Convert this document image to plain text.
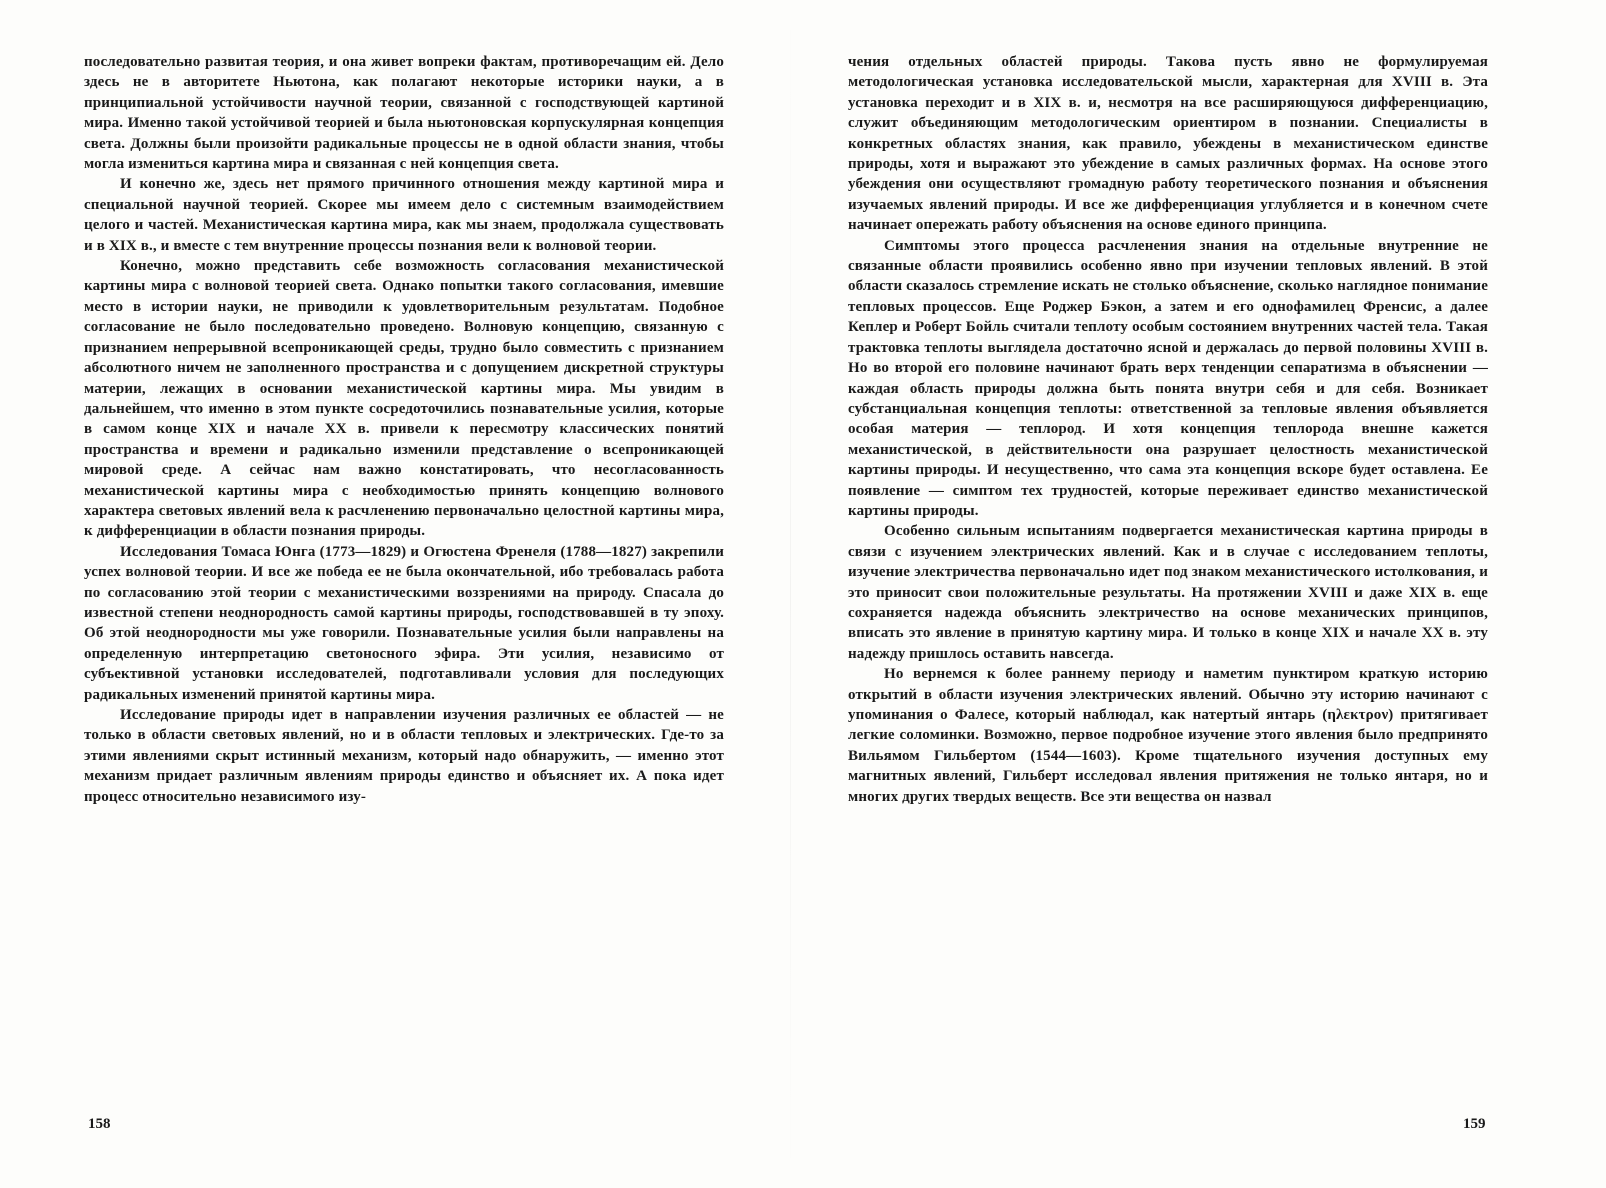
последовательно развитая теория, и она живет вопреки фактам, противоречащим ей. Дело здесь не в авторитете Ньютона, как полагают некоторые историки науки, а в принципиальной устойчивости научной теории, связанной с господствующей картиной мира. Именно такой устойчивой теорией и была ньютоновская корпускулярная концепция света. Должны были произойти радикальные процессы не в одной области знания, чтобы могла измениться картина мира и связанная с ней концепция света.

И конечно же, здесь нет прямого причинного отношения между картиной мира и специальной научной теорией. Скорее мы имеем дело с системным взаимодействием целого и частей. Механистическая картина мира, как мы знаем, продолжала существовать и в XIX в., и вместе с тем внутренние процессы познания вели к волновой теории.

Конечно, можно представить себе возможность согласования механистической картины мира с волновой теорией света. Однако попытки такого согласования, имевшие место в истории науки, не приводили к удовлетворительным результатам. Подобное согласование не было последовательно проведено. Волновую концепцию, связанную с признанием непрерывной всепроникающей среды, трудно было совместить с признанием абсолютного ничем не заполненного пространства и с допущением дискретной структуры материи, лежащих в основании механистической картины мира. Мы увидим в дальнейшем, что именно в этом пункте сосредоточились познавательные усилия, которые в самом конце XIX и начале XX в. привели к пересмотру классических понятий пространства и времени и радикально изменили представление о всепроникающей мировой среде. А сейчас нам важно констатировать, что несогласованность механистической картины мира с необходимостью принять концепцию волнового характера световых явлений вела к расчленению первоначально целостной картины мира, к дифференциации в области познания природы.

Исследования Томаса Юнга (1773—1829) и Огюстена Френеля (1788—1827) закрепили успех волновой теории. И все же победа ее не была окончательной, ибо требовалась работа по согласованию этой теории с механистическими воззрениями на природу. Спасала до известной степени неоднородность самой картины природы, господствовавшей в ту эпоху. Об этой неоднородности мы уже говорили. Познавательные усилия были направлены на определенную интерпретацию светоносного эфира. Эти усилия, независимо от субъективной установки исследователей, подготавливали условия для последующих радикальных изменений принятой картины мира.

Исследование природы идет в направлении изучения различных ее областей — не только в области световых явлений, но и в области тепловых и электрических. Где-то за этими явлениями скрыт истинный механизм, который надо обнаружить, — именно этот механизм придает различным явлениям природы единство и объясняет их. А пока идет процесс относительно независимого изу-

чения отдельных областей природы. Такова пусть явно не формулируемая методологическая установка исследовательской мысли, характерная для XVIII в. Эта установка переходит и в XIX в. и, несмотря на все расширяющуюся дифференциацию, служит объединяющим методологическим ориентиром в познании. Специалисты в конкретных областях знания, как правило, убеждены в механистическом единстве природы, хотя и выражают это убеждение в самых различных формах. На основе этого убеждения они осуществляют громадную работу теоретического познания и объяснения изучаемых явлений природы. И все же дифференциация углубляется и в конечном счете начинает опережать работу объяснения на основе единого принципа.

Симптомы этого процесса расчленения знания на отдельные внутренние не связанные области проявились особенно явно при изучении тепловых явлений. В этой области сказалось стремление искать не столько объяснение, сколько наглядное понимание тепловых процессов. Еще Роджер Бэкон, а затем и его однофамилец Френсис, а далее Кеплер и Роберт Бойль считали теплоту особым состоянием внутренних частей тела. Такая трактовка теплоты выглядела достаточно ясной и держалась до первой половины XVIII в. Но во второй его половине начинают брать верх тенденции сепаратизма в объяснении — каждая область природы должна быть понята внутри себя и для себя. Возникает субстанциальная концепция теплоты: ответственной за тепловые явления объявляется особая материя — теплород. И хотя концепция теплорода внешне кажется механистической, в действительности она разрушает целостность механистической картины природы. И несущественно, что сама эта концепция вскоре будет оставлена. Ее появление — симптом тех трудностей, которые переживает единство механистической картины природы.

Особенно сильным испытаниям подвергается механистическая картина природы в связи с изучением электрических явлений. Как и в случае с исследованием теплоты, изучение электричества первоначально идет под знаком механистического истолкования, и это приносит свои положительные результаты. На протяжении XVIII и даже XIX в. еще сохраняется надежда объяснить электричество на основе механических принципов, вписать это явление в принятую картину мира. И только в конце XIX и начале XX в. эту надежду пришлось оставить навсегда.

Но вернемся к более раннему периоду и наметим пунктиром краткую историю открытий в области изучения электрических явлений. Обычно эту историю начинают с упоминания о Фалесе, который наблюдал, как натертый янтарь (ηλεκτρον) притягивает легкие соломинки. Возможно, первое подробное изучение этого явления было предпринято Вильямом Гильбертом (1544—1603). Кроме тщательного изучения доступных ему магнитных явлений, Гильберт исследовал явления притяжения не только янтаря, но и многих других твердых веществ. Все эти вещества он назвал

158	159
